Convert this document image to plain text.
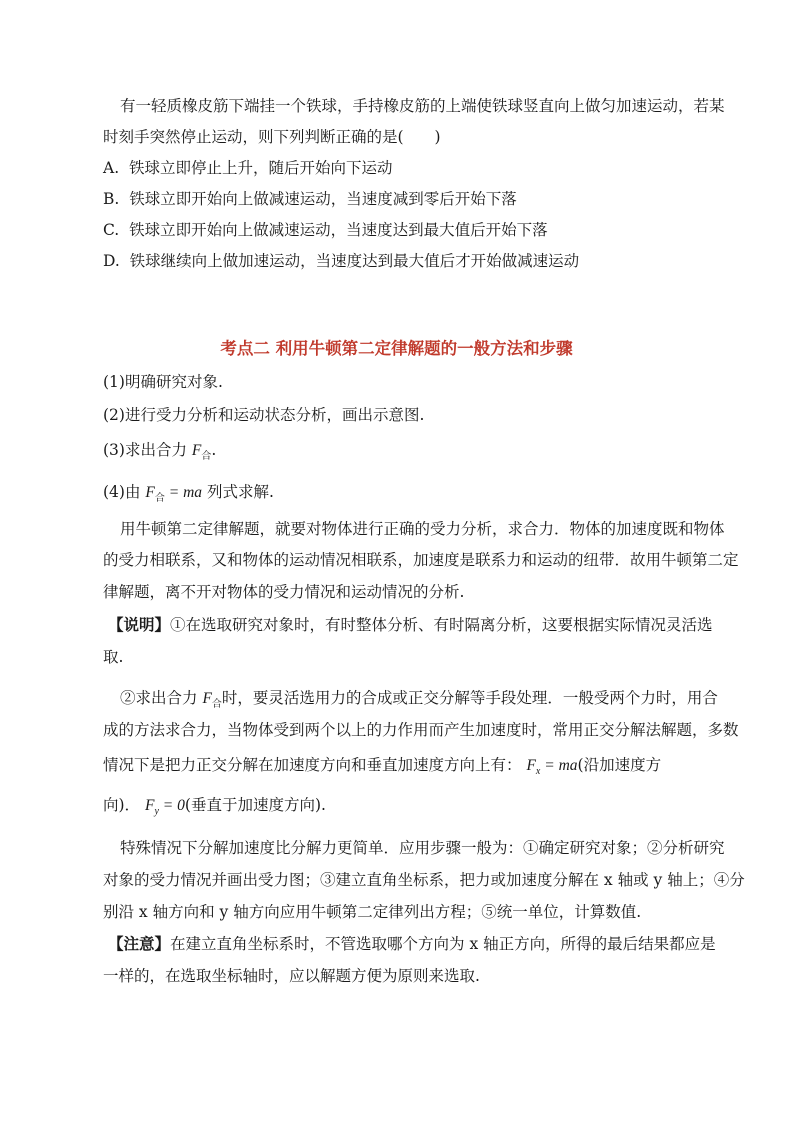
有一轻质橡皮筋下端挂一个铁球，手持橡皮筋的上端使铁球竖直向上做匀加速运动，若某
时刻手突然停止运动，则下列判断正确的是(　　)
A. 铁球立即停止上升，随后开始向下运动
B. 铁球立即开始向上做减速运动，当速度减到零后开始下落
C. 铁球立即开始向上做减速运动，当速度达到最大值后开始下落
D. 铁球继续向上做加速运动，当速度达到最大值后才开始做减速运动
考点二 利用牛顿第二定律解题的一般方法和步骤
(1)明确研究对象.
(2)进行受力分析和运动状态分析，画出示意图.
(3)求出合力 $F_合$.
(4)由 $F_合$ = ma 列式求解.
用牛顿第二定律解题，就要对物体进行正确的受力分析，求合力．物体的加速度既和物体
的受力相联系，又和物体的运动情况相联系，加速度是联系力和运动的纽带．故用牛顿第二定
律解题，离不开对物体的受力情况和运动情况的分析.
【说明】①在选取研究对象时，有时整体分析、有时隔离分析，这要根据实际情况灵活选
取.
②求出合力 $F_合$时，要灵活选用力的合成或正交分解等手段处理．一般受两个力时，用合
成的方法求合力，当物体受到两个以上的力作用而产生加速度时，常用正交分解法解题，多数
情况下是把力正交分解在加速度方向和垂直加速度方向上有： $F_x = ma$(沿加速度方
向)． $F_y = 0$(垂直于加速度方向).
特殊情况下分解加速度比分解力更简单．应用步骤一般为：①确定研究对象；②分析研究
对象的受力情况并画出受力图；③建立直角坐标系，把力或加速度分解在 x 轴或 y 轴上；④分
别沿 x 轴方向和 y 轴方向应用牛顿第二定律列出方程；⑤统一单位，计算数值.
【注意】在建立直角坐标系时，不管选取哪个方向为 x 轴正方向，所得的最后结果都应是
一样的，在选取坐标轴时，应以解题方便为原则来选取.
